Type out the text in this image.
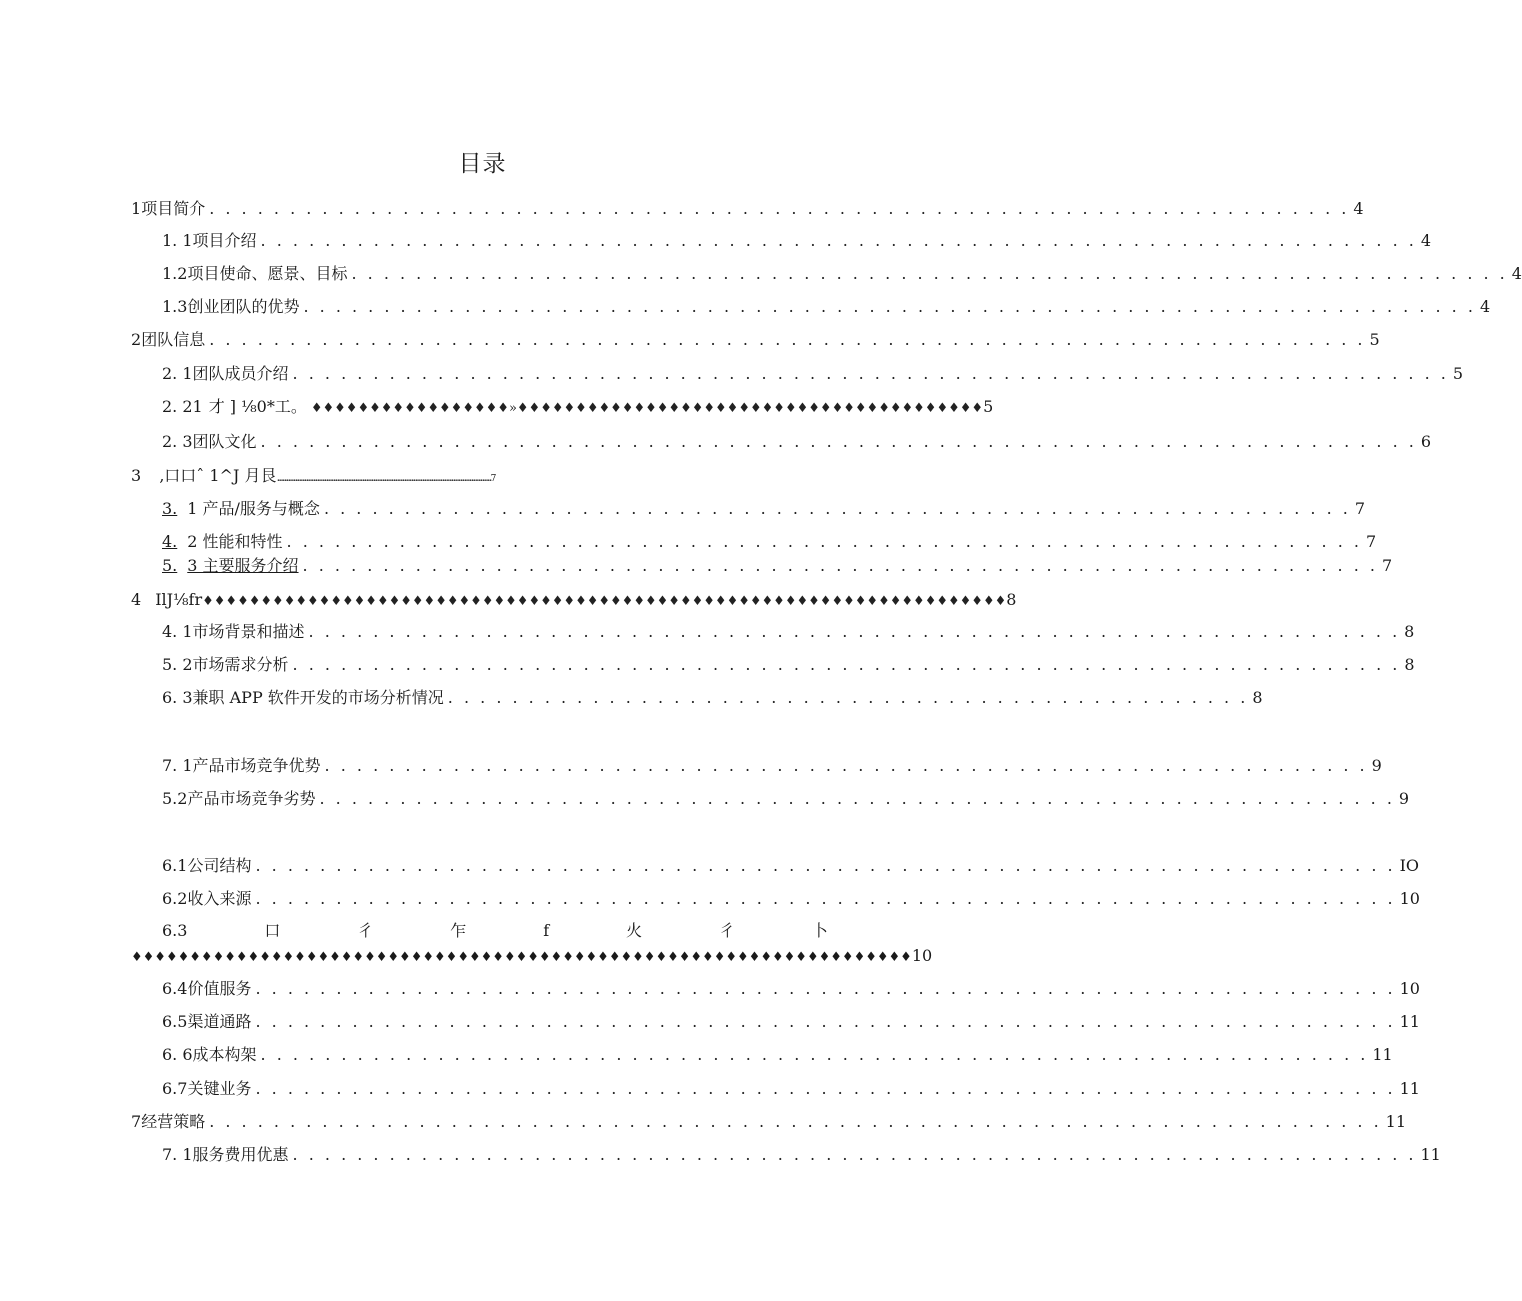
目录
1 项目简介 . . . . . . . . . . . . . . . . . . . . . . . . . . . . . . . . . . . . . . . . . . . . . . . . . . . . . . . . . . . . . . . . . . . . . . . 4
1. 1 项目介绍 . . . . . . . . . . . . . . . . . . . . . . . . . . . . . . . . . . . . . . . . . . . . . . . . . . . . . . . . . . . . . . . . . . . . . . . . 4
1.2 项目使命、愿景、目标 . . . . . . . . . . . . . . . . . . . . . . . . . . . . . . . . . . . . . . . . . . . . . . . . . . . . . . . . . . . . . . . . . . . . . . . . 4
1.3 创业团队的优势 . . . . . . . . . . . . . . . . . . . . . . . . . . . . . . . . . . . . . . . . . . . . . . . . . . . . . . . . . . . . . . . . . . . . . . . . . 4
2 团队信息 . . . . . . . . . . . . . . . . . . . . . . . . . . . . . . . . . . . . . . . . . . . . . . . . . . . . . . . . . . . . . . . . . . . . . . . . 5
2. 1 团队成员介绍 . . . . . . . . . . . . . . . . . . . . . . . . . . . . . . . . . . . . . . . . . . . . . . . . . . . . . . . . . . . . . . . . . . . . . . . . 5
2. 21 才 ] ⅛0*工。 ♦♦♦♦♦♦♦♦♦♦♦♦♦♦♦♦♦»♦♦♦♦♦♦♦♦♦♦♦♦♦♦♦♦♦♦♦♦♦♦♦♦♦♦♦♦♦♦♦♦♦♦♦♦♦♦♦♦ 5
2. 3 团队文化 . . . . . . . . . . . . . . . . . . . . . . . . . . . . . . . . . . . . . . . . . . . . . . . . . . . . . . . . . . . . . . . . . . . . . . . . 6
3 ‚口口ˆ 1^J 月艮 ...................................................................................................................... 7
3. 1 产品/服务与概念 . . . . . . . . . . . . . . . . . . . . . . . . . . . . . . . . . . . . . . . . . . . . . . . . . . . . . . . . . . . . . . . . 7
4. 2 性能和特性 . . . . . . . . . . . . . . . . . . . . . . . . . . . . . . . . . . . . . . . . . . . . . . . . . . . . . . . . . . . . . . . . . . . 7
5. 3 主要服务介绍 . . . . . . . . . . . . . . . . . . . . . . . . . . . . . . . . . . . . . . . . . . . . . . . . . . . . . . . . . . . . . . . . . . . 7
4 IlJ⅛fr ♦♦♦♦♦♦♦♦♦♦♦♦♦♦♦♦♦♦♦♦♦♦♦♦♦♦♦♦♦♦♦♦♦♦♦♦♦♦♦♦♦♦♦♦♦♦♦♦♦♦♦♦♦♦♦♦♦♦♦♦♦♦♦♦♦♦♦♦♦ 8
4. 1 市场背景和描述 . . . . . . . . . . . . . . . . . . . . . . . . . . . . . . . . . . . . . . . . . . . . . . . . . . . . . . . . . . . . . . . . . . . . 8
5. 2 市场需求分析 . . . . . . . . . . . . . . . . . . . . . . . . . . . . . . . . . . . . . . . . . . . . . . . . . . . . . . . . . . . . . . . . . . . . . 8
6. 3 兼职 APP 软件开发的市场分析情况 . . . . . . . . . . . . . . . . . . . . . . . . . . . . . . . . . . . . . . . . . . . . . . . . . . 8
7. 1 产品市场竞争优势 . . . . . . . . . . . . . . . . . . . . . . . . . . . . . . . . . . . . . . . . . . . . . . . . . . . . . . . . . . . . . . . . . 9
5.2 产品市场竞争劣势 . . . . . . . . . . . . . . . . . . . . . . . . . . . . . . . . . . . . . . . . . . . . . . . . . . . . . . . . . . . . . . . . . . . 9
6.1 公司结构 . . . . . . . . . . . . . . . . . . . . . . . . . . . . . . . . . . . . . . . . . . . . . . . . . . . . . . . . . . . . . . . . . . . . . . . IO
6.2 收入来源 . . . . . . . . . . . . . . . . . . . . . . . . . . . . . . . . . . . . . . . . . . . . . . . . . . . . . . . . . . . . . . . . . . . . . . . 10
6.3	口	彳	乍	f	火	彳	卜
♦♦♦♦♦♦♦♦♦♦♦♦♦♦♦♦♦♦♦♦♦♦♦♦♦♦♦♦♦♦♦♦♦♦♦♦♦♦♦♦♦♦♦♦♦♦♦♦♦♦♦♦♦♦♦♦♦♦♦♦♦♦♦♦♦♦♦10
6.4 价值服务 . . . . . . . . . . . . . . . . . . . . . . . . . . . . . . . . . . . . . . . . . . . . . . . . . . . . . . . . . . . . . . . . . . . . . . . 10
6.5 渠道通路 . . . . . . . . . . . . . . . . . . . . . . . . . . . . . . . . . . . . . . . . . . . . . . . . . . . . . . . . . . . . . . . . . . . . . . . 11
6. 6 成本构架 . . . . . . . . . . . . . . . . . . . . . . . . . . . . . . . . . . . . . . . . . . . . . . . . . . . . . . . . . . . . . . . . . . . . . 11
6.7 关键业务 . . . . . . . . . . . . . . . . . . . . . . . . . . . . . . . . . . . . . . . . . . . . . . . . . . . . . . . . . . . . . . . . . . . . . . . 11
7 经营策略 . . . . . . . . . . . . . . . . . . . . . . . . . . . . . . . . . . . . . . . . . . . . . . . . . . . . . . . . . . . . . . . . . . . . . . . . . 11
7. 1 服务费用优惠 . . . . . . . . . . . . . . . . . . . . . . . . . . . . . . . . . . . . . . . . . . . . . . . . . . . . . . . . . . . . . . . . . . . . . . 11
